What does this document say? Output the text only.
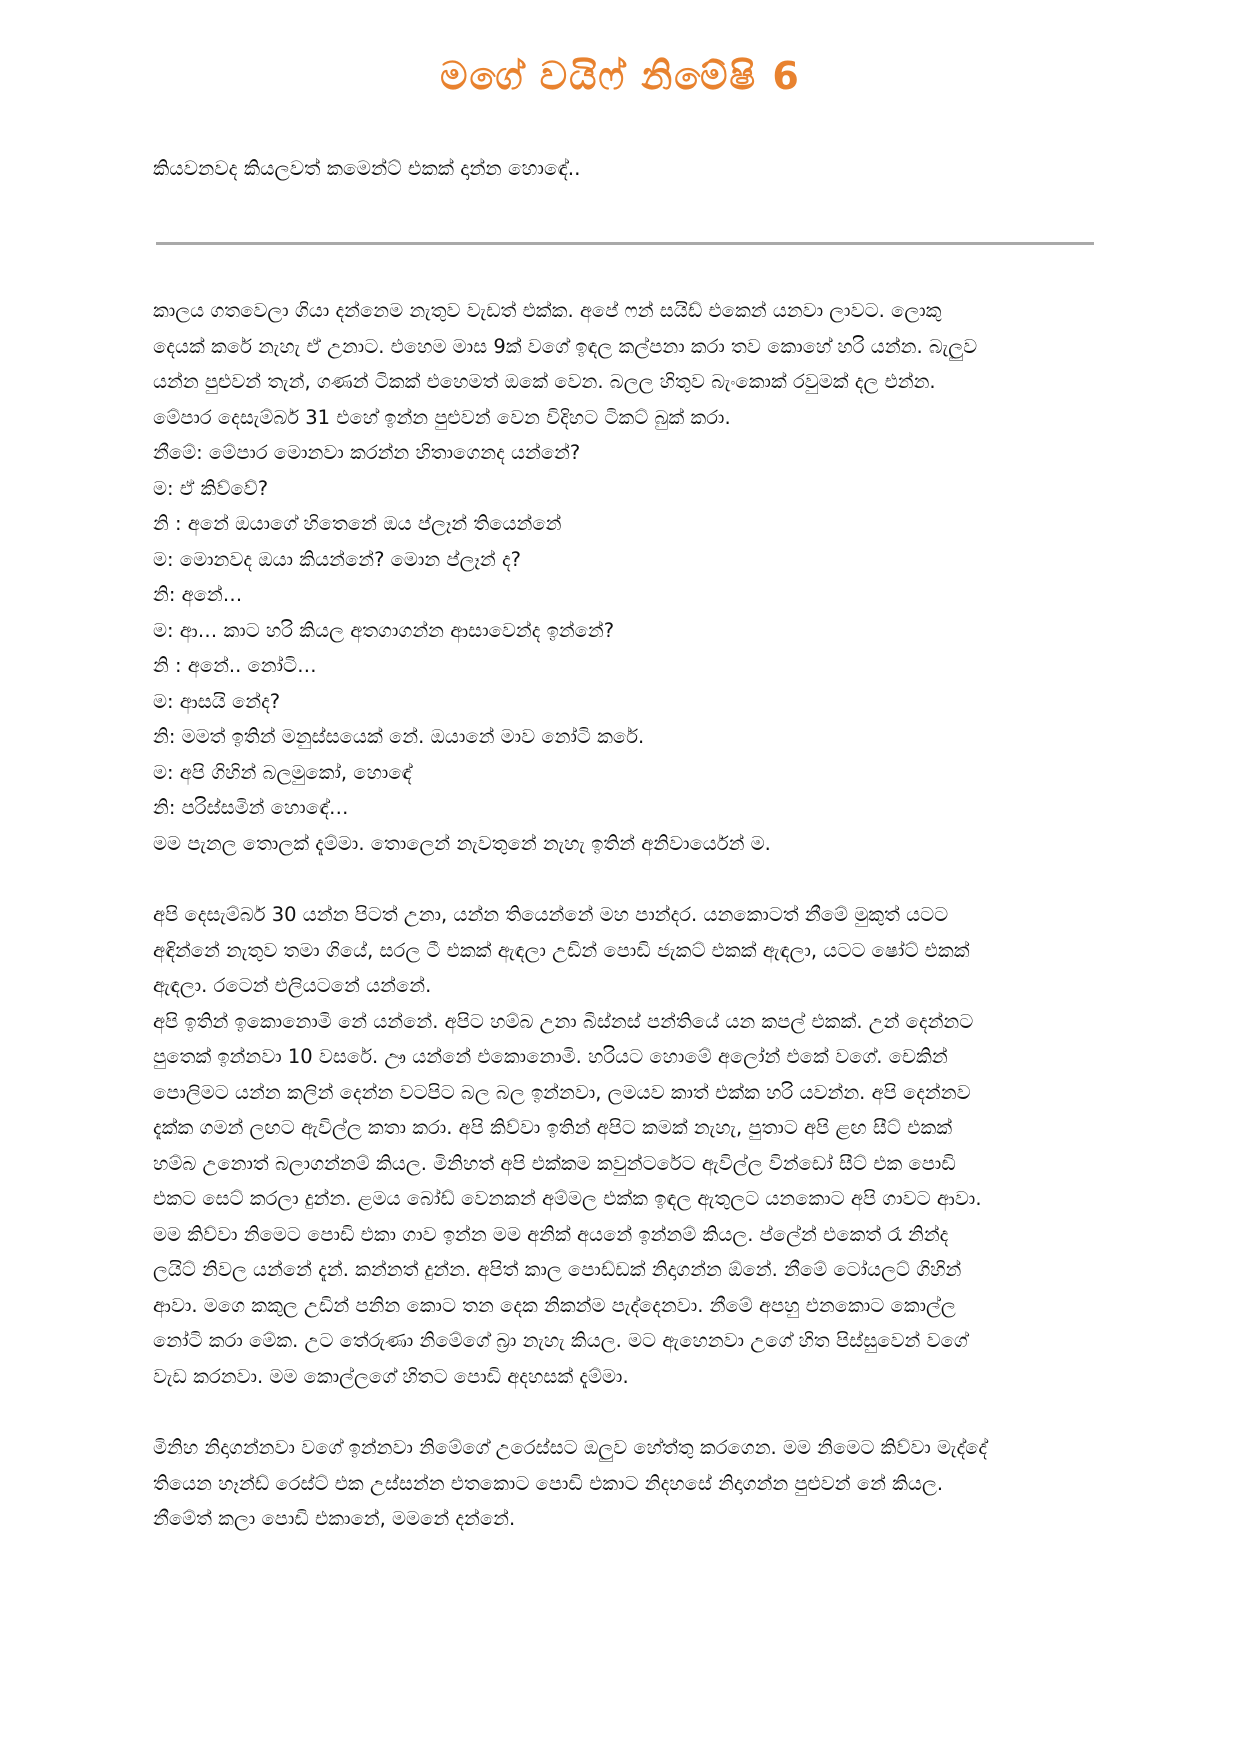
මගේ වයිෆ් නිමේෂි 6
කියවනවද කියලවත් කමෙන්ට් එකක් දාන්න හොඳේ..
කාලය ගතවෙලා ගියා දන්නෙම නැතුව වැඩත් එක්ක. අපේ ෆන් සයිඩ් එකෙන් යනවා ලාවට. ලොකු
දෙයක් කරේ නැහැ ඒ උනාට. එහෙම මාස 9ක් වගේ ඉඳල කල්පනා කරා තව කොහේ හරි යන්න. බැලුව
යන්න පුළුවන් තැන්, ගණන් ටිකක් එහෙමත් ඔකේ වෙන. බලල හිතුව බැංකොක් රවුමක් දල එන්න.
මේපාර දෙසැම්බර් 31 එහේ ඉන්න පුළුවන් වෙන විදිහට ටිකට් බුක් කරා.
නීමේ: මේපාර මොනවා කරන්න හිතාගෙනද යන්නේ?
ම: ඒ කිව්වේ?
නි : අනේ ඔයාගේ හිතෙනේ ඔය ප්ලෑන් තියෙන්නේ
ම: මොනවද ඔයා කියන්නේ? මොන ප්ලෑන් ද?
නි: අනේ…
ම: ආ… කාට හරි කියල අතගාගන්න ආසාවෙන්ද ඉන්නේ?
නි : අනේ.. නෝටි…
ම: ආසයි නේද?
නි: මමත් ඉතින් මනුස්සයෙක් නේ. ඔයානේ මාව නෝටි කරේ.
ම: අපි ගිහින් බලමුකෝ, හොඳේ
නි: පරිස්සමින් හොඳේ…
මම පැනල තොලක් දැම්මා. තොලෙන් නැවතුනේ නැහැ ඉතින් අනිවාර්යෙන් ම.
අපි දෙසැම්බර් 30 යන්න පිටත් උනා, යන්න තියෙන්නේ මහ පාන්දර. යනකොටත් නීමේ මුකුත් යටට
අඳින්නේ නැතුව තමා ගියේ, සරල ටී එකක් ඇඳලා උඩින් පොඩි ජැකට් එකක් ඇඳලා, යටට ෂෝට් එකක්
ඇඳලා. රටෙන් එලියටනේ යන්නේ.
අපි ඉතින් ඉකොනොමි නේ යන්නේ. අපිට හම්බ උනා බිස්නස් පන්තියේ යන කපල් එකක්. උන් දෙන්නට
පුතෙක් ඉන්නවා 10 වසරේ. ඌ යන්නේ එකොනොමි. හරියට හොමේ අලෝන් එකේ වගේ. චෙකින්
පොලිමට යන්න කලින් දෙන්න වටපිට බල බල ඉන්නවා, ලමයව කාත් එක්ක හරි යවන්න. අපි දෙන්නව
දැක්ක ගමන් ලඟට ඇවිල්ල කතා කරා. අපි කිව්වා ඉතින් අපිට කමක් නැහැ, පුතාට අපි ළඟ සීට් එකක්
හම්බ උනොත් බලාගන්නම් කියල. මිනිහත් අපි එක්කම කවුන්ටරේට ඇවිල්ල වින්ඩෝ සීට් එක පොඩි
එකට සෙට් කරලා දුන්න. ළමය බෝඩ් වෙනකන් අම්මල එක්ක ඉඳල ඇතුලට යනකොට අපි ගාවට ආවා.
මම කිව්වා නිමෙට පොඩි එකා ගාව ඉන්න මම අනික් අයනේ ඉන්නම් කියල. ප්ලේන් එකෙත් රෑ නින්ද
ලයිට් නිවල යන්නේ දැන්. කන්නත් දුන්න. අපිත් කාල පොඩ්ඩක් නිදාගන්න ඕනේ. නීමේ ටෝයලට් ගිහින්
ආවා. මගෙ කකුල උඩින් පනින කොට තන දෙක නිකන්ම පැද්දෙනවා. නීමේ අපහු එනකොට කොල්ල
නෝටි කරා මේක. උට තේරුණා නිමේගේ බ්‍රා නැහැ කියල. මට ඇහෙනවා උගේ හිත පිස්සුවෙන් වගේ
වැඩ කරනවා. මම කොල්ලගේ හිතට පොඩි අදහසක් දැම්මා.
මිනිහ නිදාගන්නවා වගේ ඉන්නවා නිමේගේ උරෙස්සට ඔලුව හේත්තු කරගෙන. මම නිමෙට කිව්වා මැද්දේ
තියෙන හෑන්ඩ් රෙස්ට් එක උස්සන්න එතකොට පොඩි එකාට නිදහසේ නිදාගන්න පුළුවන් නේ කියල.
නීමේත් කලා පොඩි එකානේ, මමනේ දන්නේ.
